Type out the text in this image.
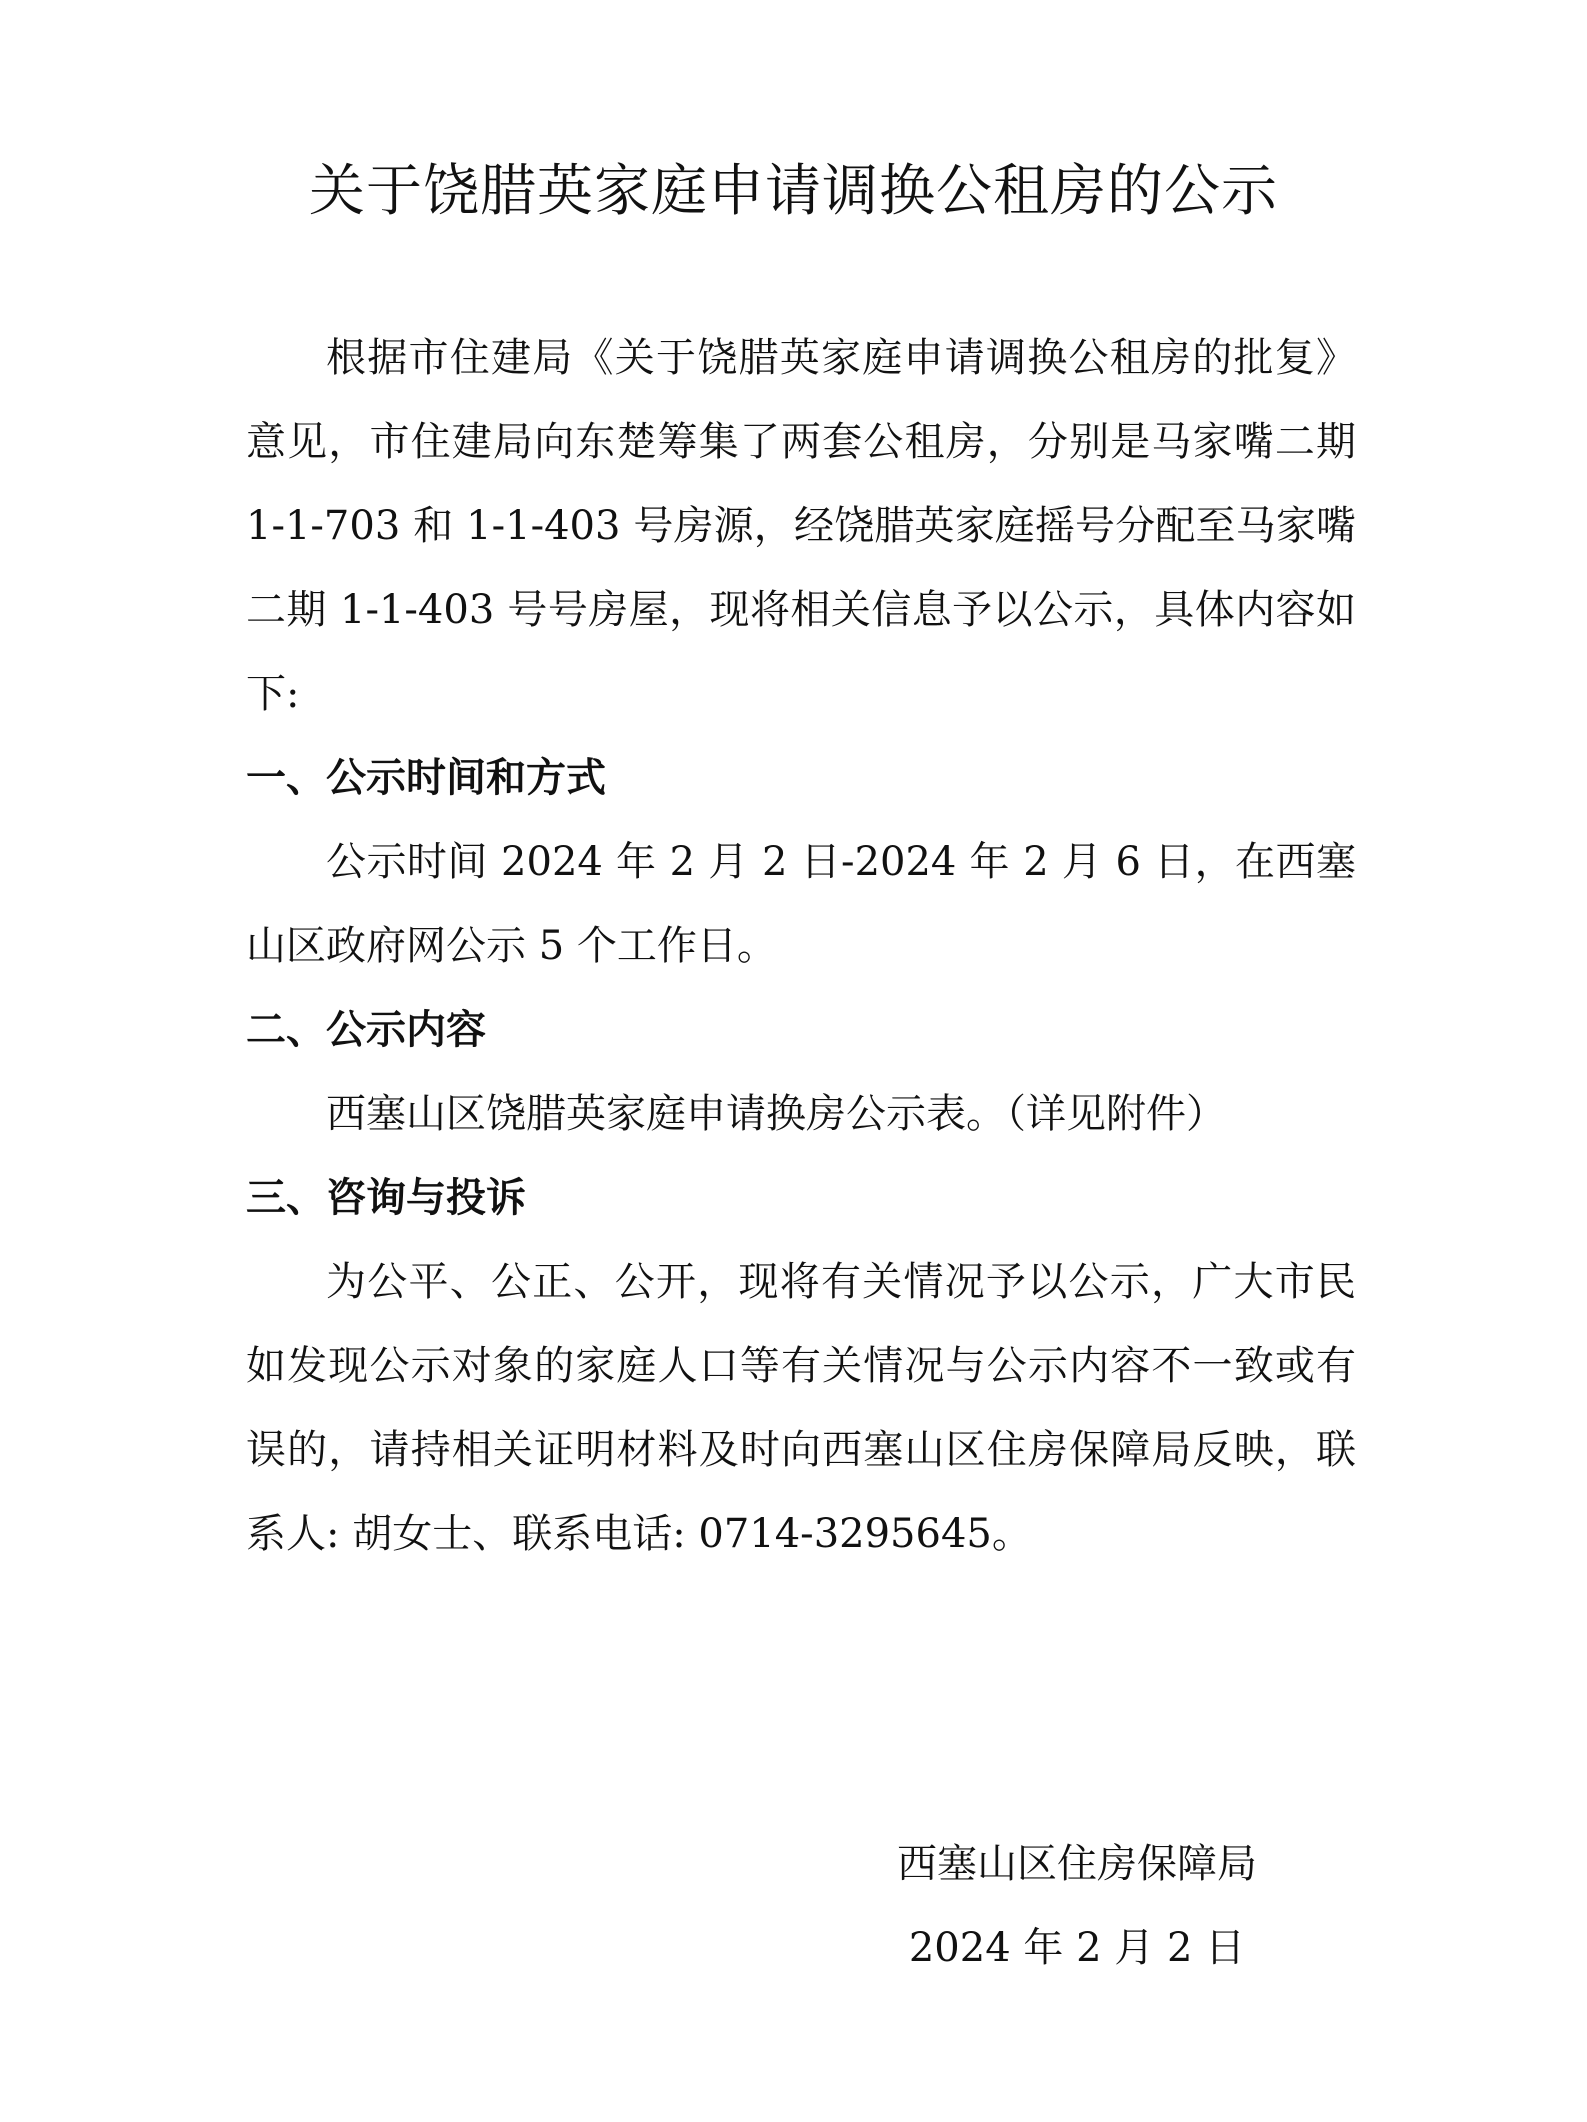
关于饶腊英家庭申请调换公租房的公示

根据市住建局《关于饶腊英家庭申请调换公租房的批复》意见，市住建局向东楚筹集了两套公租房，分别是马家嘴二期 1-1-703 和 1-1-403 号房源，经饶腊英家庭摇号分配至马家嘴二期 1-1-403 号号房屋，现将相关信息予以公示，具体内容如下:

一、公示时间和方式

公示时间 2024 年 2 月 2 日-2024 年 2 月 6 日，在西塞山区政府网公示 5 个工作日。

二、公示内容

西塞山区饶腊英家庭申请换房公示表。（详见附件）

三、咨询与投诉

为公平、公正、公开，现将有关情况予以公示，广大市民如发现公示对象的家庭人口等有关情况与公示内容不一致或有误的，请持相关证明材料及时向西塞山区住房保障局反映，联系人: 胡女士、联系电话: 0714-3295645。

西塞山区住房保障局
2024 年 2 月 2 日
